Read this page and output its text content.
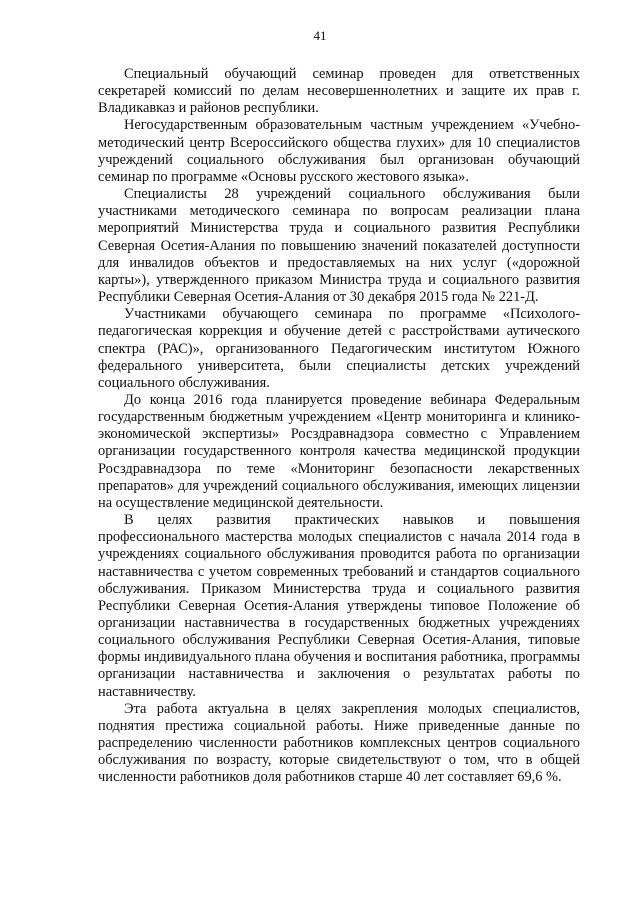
41

Специальный обучающий семинар проведен для ответственных секретарей комиссий по делам несовершеннолетних и защите их прав г. Владикавказ и районов республики.

Негосударственным образовательным частным учреждением «Учебно-методический центр Всероссийского общества глухих» для 10 специалистов учреждений социального обслуживания был организован обучающий семинар по программе «Основы русского жестового языка».

Специалисты 28 учреждений социального обслуживания были участниками методического семинара по вопросам реализации плана мероприятий Министерства труда и социального развития Республики Северная Осетия-Алания по повышению значений показателей доступности для инвалидов объектов и предоставляемых на них услуг («дорожной карты»), утвержденного приказом Министра труда и социального развития Республики Северная Осетия-Алания от 30 декабря 2015 года № 221-Д.

Участниками обучающего семинара по программе «Психолого-педагогическая коррекция и обучение детей с расстройствами аутического спектра (РАС)», организованного Педагогическим институтом Южного федерального университета, были специалисты детских учреждений социального обслуживания.

До конца 2016 года планируется проведение вебинара Федеральным государственным бюджетным учреждением «Центр мониторинга и клинико-экономической экспертизы» Росздравнадзора совместно с Управлением организации государственного контроля качества медицинской продукции Росздравнадзора по теме «Мониторинг безопасности лекарственных препаратов» для учреждений социального обслуживания, имеющих лицензии на осуществление медицинской деятельности.

В целях развития практических навыков и повышения профессионального мастерства молодых специалистов с начала 2014 года в учреждениях социального обслуживания проводится работа по организации наставничества с учетом современных требований и стандартов социального обслуживания. Приказом Министерства труда и социального развития Республики Северная Осетия-Алания утверждены типовое Положение об организации наставничества в государственных бюджетных учреждениях социального обслуживания Республики Северная Осетия-Алания, типовые формы индивидуального плана обучения и воспитания работника, программы организации наставничества и заключения о результатах работы по наставничеству.

Эта работа актуальна в целях закрепления молодых специалистов, поднятия престижа социальной работы. Ниже приведенные данные по распределению численности работников комплексных центров социального обслуживания по возрасту, которые свидетельствуют о том, что в общей численности работников доля работников старше 40 лет составляет 69,6 %.
